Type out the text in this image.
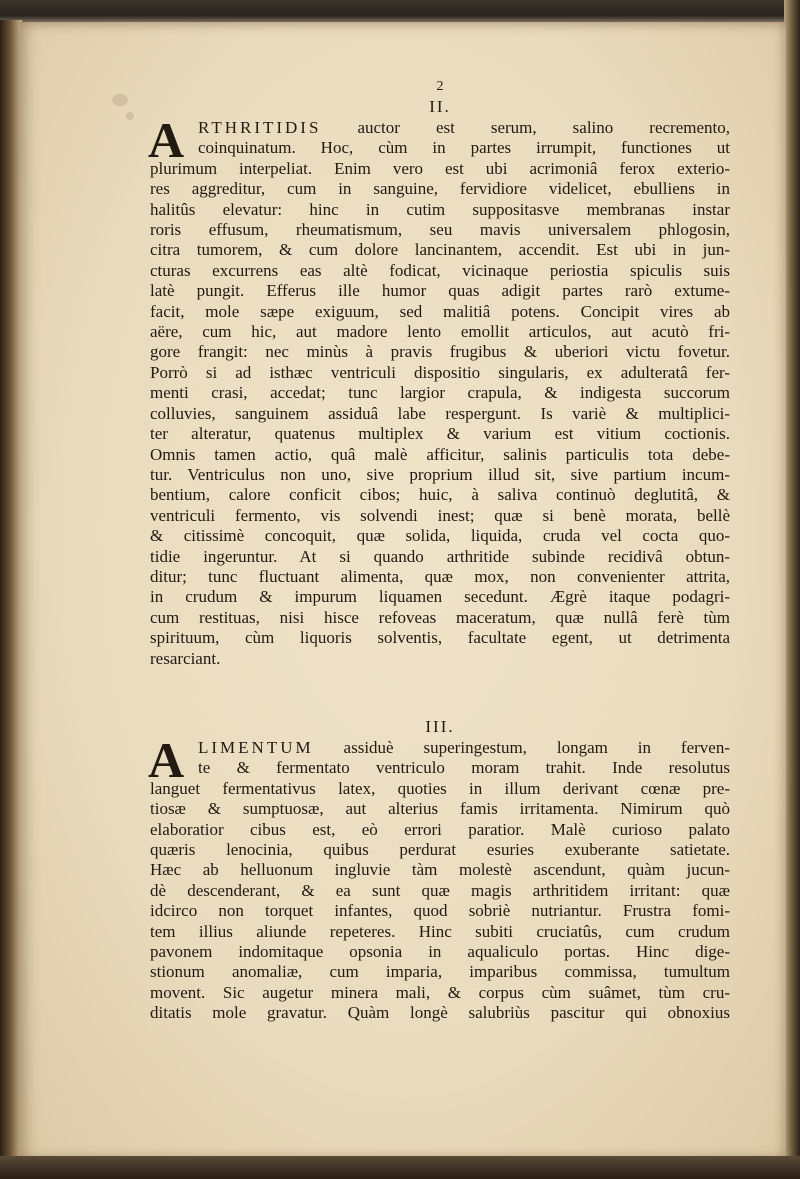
2
II.
A RTHRITIDIS auctor est serum, salino recremento,
coinquinatum. Hoc, cùm in partes irrumpit, functiones ut
plurimum interpeliat. Enim vero est ubi acrimoniâ ferox exterio-
res aggreditur, cum in sanguine, fervidiore videlicet, ebulliens in
halitûs elevatur: hinc in cutim suppositasve membranas instar
roris effusum, rheumatismum, seu mavis universalem phlogosin,
citra tumorem, & cum dolore lancinantem, accendit. Est ubi in jun-
cturas excurrens eas altè fodicat, vicinaque periostia spiculis suis
latè pungit. Efferus ille humor quas adigit partes rarò extume-
facit, mole sæpe exiguum, sed malitiâ potens. Concipit vires ab
aëre, cum hic, aut madore lento emollit articulos, aut acutò fri-
gore frangit: nec minùs à pravis frugibus & uberiori victu fovetur.
Porrò si ad isthæc ventriculi dispositio singularis, ex adulteratâ fer-
menti crasi, accedat; tunc largior crapula, & indigesta succorum
colluvies, sanguinem assiduâ labe respergunt. Is variè & multiplici-
ter alteratur, quatenus multiplex & varium est vitium coctionis.
Omnis tamen actio, quâ malè afficitur, salinis particulis tota debe-
tur. Ventriculus non uno, sive proprium illud sit, sive partium incum-
bentium, calore conficit cibos; huic, à saliva continuò deglutitâ, &
ventriculi fermento, vis solvendi inest; quæ si benè morata, bellè
& citissimè concoquit, quæ solida, liquida, cruda vel cocta quo-
tidie ingeruntur. At si quando arthritide subinde recidivâ obtun-
ditur; tunc fluctuant alimenta, quæ mox, non convenienter attrita,
in crudum & impurum liquamen secedunt. Ægrè itaque podagri-
cum restituas, nisi hisce refoveas maceratum, quæ nullâ ferè tùm
spirituum, cùm liquoris solventis, facultate egent, ut detrimenta
resarciant.
III.
A LIMENTUM assiduè superingestum, longam in ferven-
te & fermentato ventriculo moram trahit. Inde resolutus
languet fermentativus latex, quoties in illum derivant cœnæ pre-
tiosæ & sumptuosæ, aut alterius famis irritamenta. Nimirum quò
elaboratior cibus est, eò errori paratior. Malè curioso palato
quæris lenocinia, quibus perdurat esuries exuberante satietate.
Hæc ab helluonum ingluvie tàm molestè ascendunt, quàm jucun-
dè descenderant, & ea sunt quæ magis arthritidem irritant: quæ
idcirco non torquet infantes, quod sobriè nutriantur. Frustra fomi-
tem illius aliunde repeteres. Hinc subiti cruciatûs, cum crudum
pavonem indomitaque opsonia in aqualiculo portas. Hinc dige-
stionum anomaliæ, cum imparia, imparibus commissa, tumultum
movent. Sic augetur minera mali, & corpus cùm suâmet, tùm cru-
ditatis mole gravatur. Quàm longè salubriùs pascitur qui obnoxius
